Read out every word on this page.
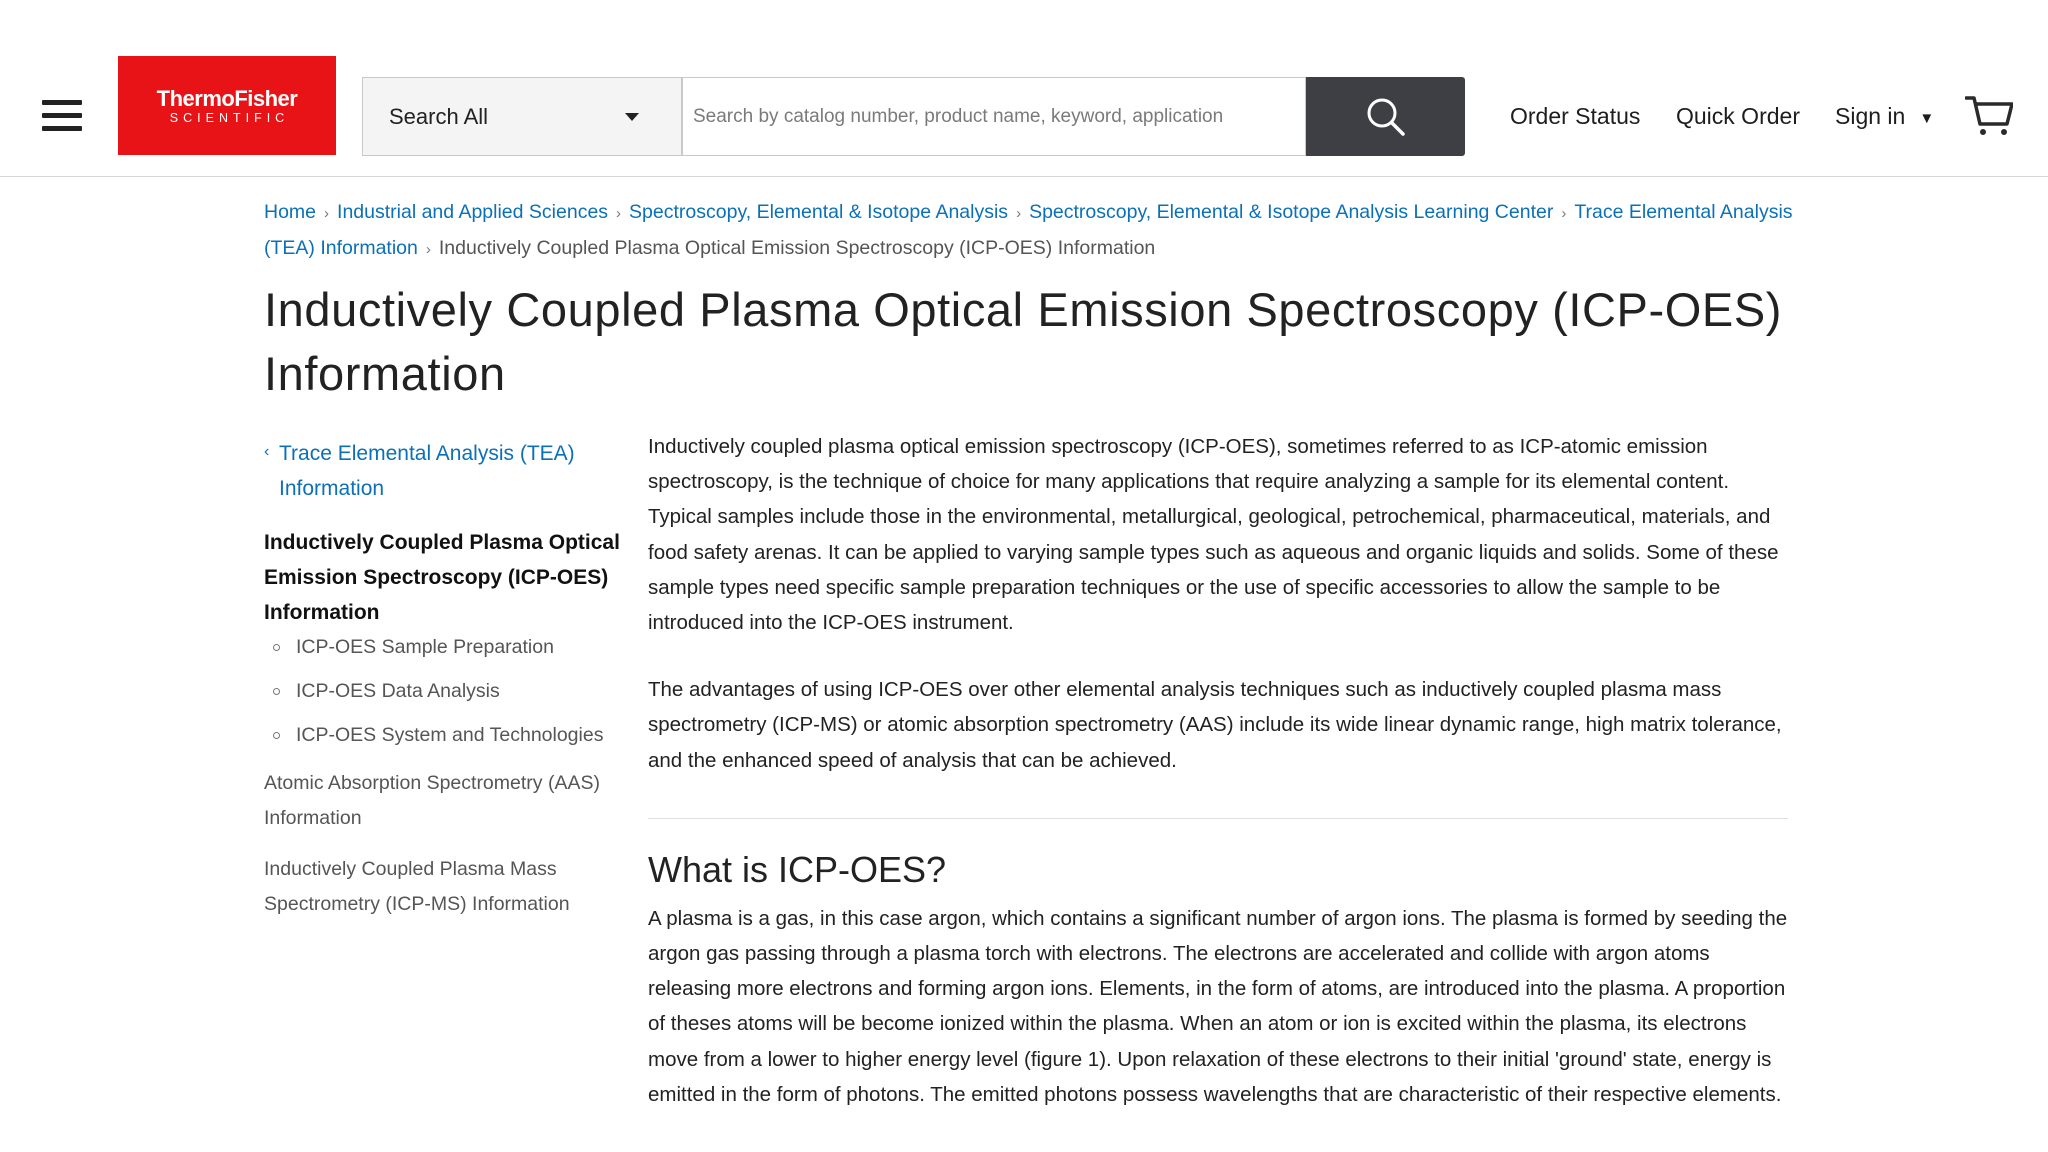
ThermoFisher
SCIENTIFIC	Search All
Search by catalog number, product name, keyword, application	Order Status Quick Order Sign in ▼
Home › Industrial and Applied Sciences › Spectroscopy, Elemental & Isotope Analysis › Spectroscopy, Elemental & Isotope Analysis Learning Center › Trace Elemental Analysis (TEA) Information › Inductively Coupled Plasma Optical Emission Spectroscopy (ICP-OES) Information
Inductively Coupled Plasma Optical Emission Spectroscopy (ICP-OES) Information
‹ Trace Elemental Analysis (TEA) Information
Inductively Coupled Plasma Optical Emission Spectroscopy (ICP-OES) Information
ICP-OES Sample Preparation
ICP-OES Data Analysis
ICP-OES System and Technologies
Atomic Absorption Spectrometry (AAS) Information
Inductively Coupled Plasma Mass Spectrometry (ICP-MS) Information

Inductively coupled plasma optical emission spectroscopy (ICP-OES), sometimes referred to as ICP-atomic emission spectroscopy, is the technique of choice for many applications that require analyzing a sample for its elemental content. Typical samples include those in the environmental, metallurgical, geological, petrochemical, pharmaceutical, materials, and food safety arenas. It can be applied to varying sample types such as aqueous and organic liquids and solids. Some of these sample types need specific sample preparation techniques or the use of specific accessories to allow the sample to be introduced into the ICP-OES instrument.

The advantages of using ICP-OES over other elemental analysis techniques such as inductively coupled plasma mass spectrometry (ICP-MS) or atomic absorption spectrometry (AAS) include its wide linear dynamic range, high matrix tolerance, and the enhanced speed of analysis that can be achieved.

What is ICP-OES?

A plasma is a gas, in this case argon, which contains a significant number of argon ions. The plasma is formed by seeding the argon gas passing through a plasma torch with electrons. The electrons are accelerated and collide with argon atoms releasing more electrons and forming argon ions. Elements, in the form of atoms, are introduced into the plasma. A proportion of theses atoms will be become ionized within the plasma. When an atom or ion is excited within the plasma, its electrons move from a lower to higher energy level (figure 1). Upon relaxation of these electrons to their initial 'ground' state, energy is emitted in the form of photons. The emitted photons possess wavelengths that are characteristic of their respective elements.
